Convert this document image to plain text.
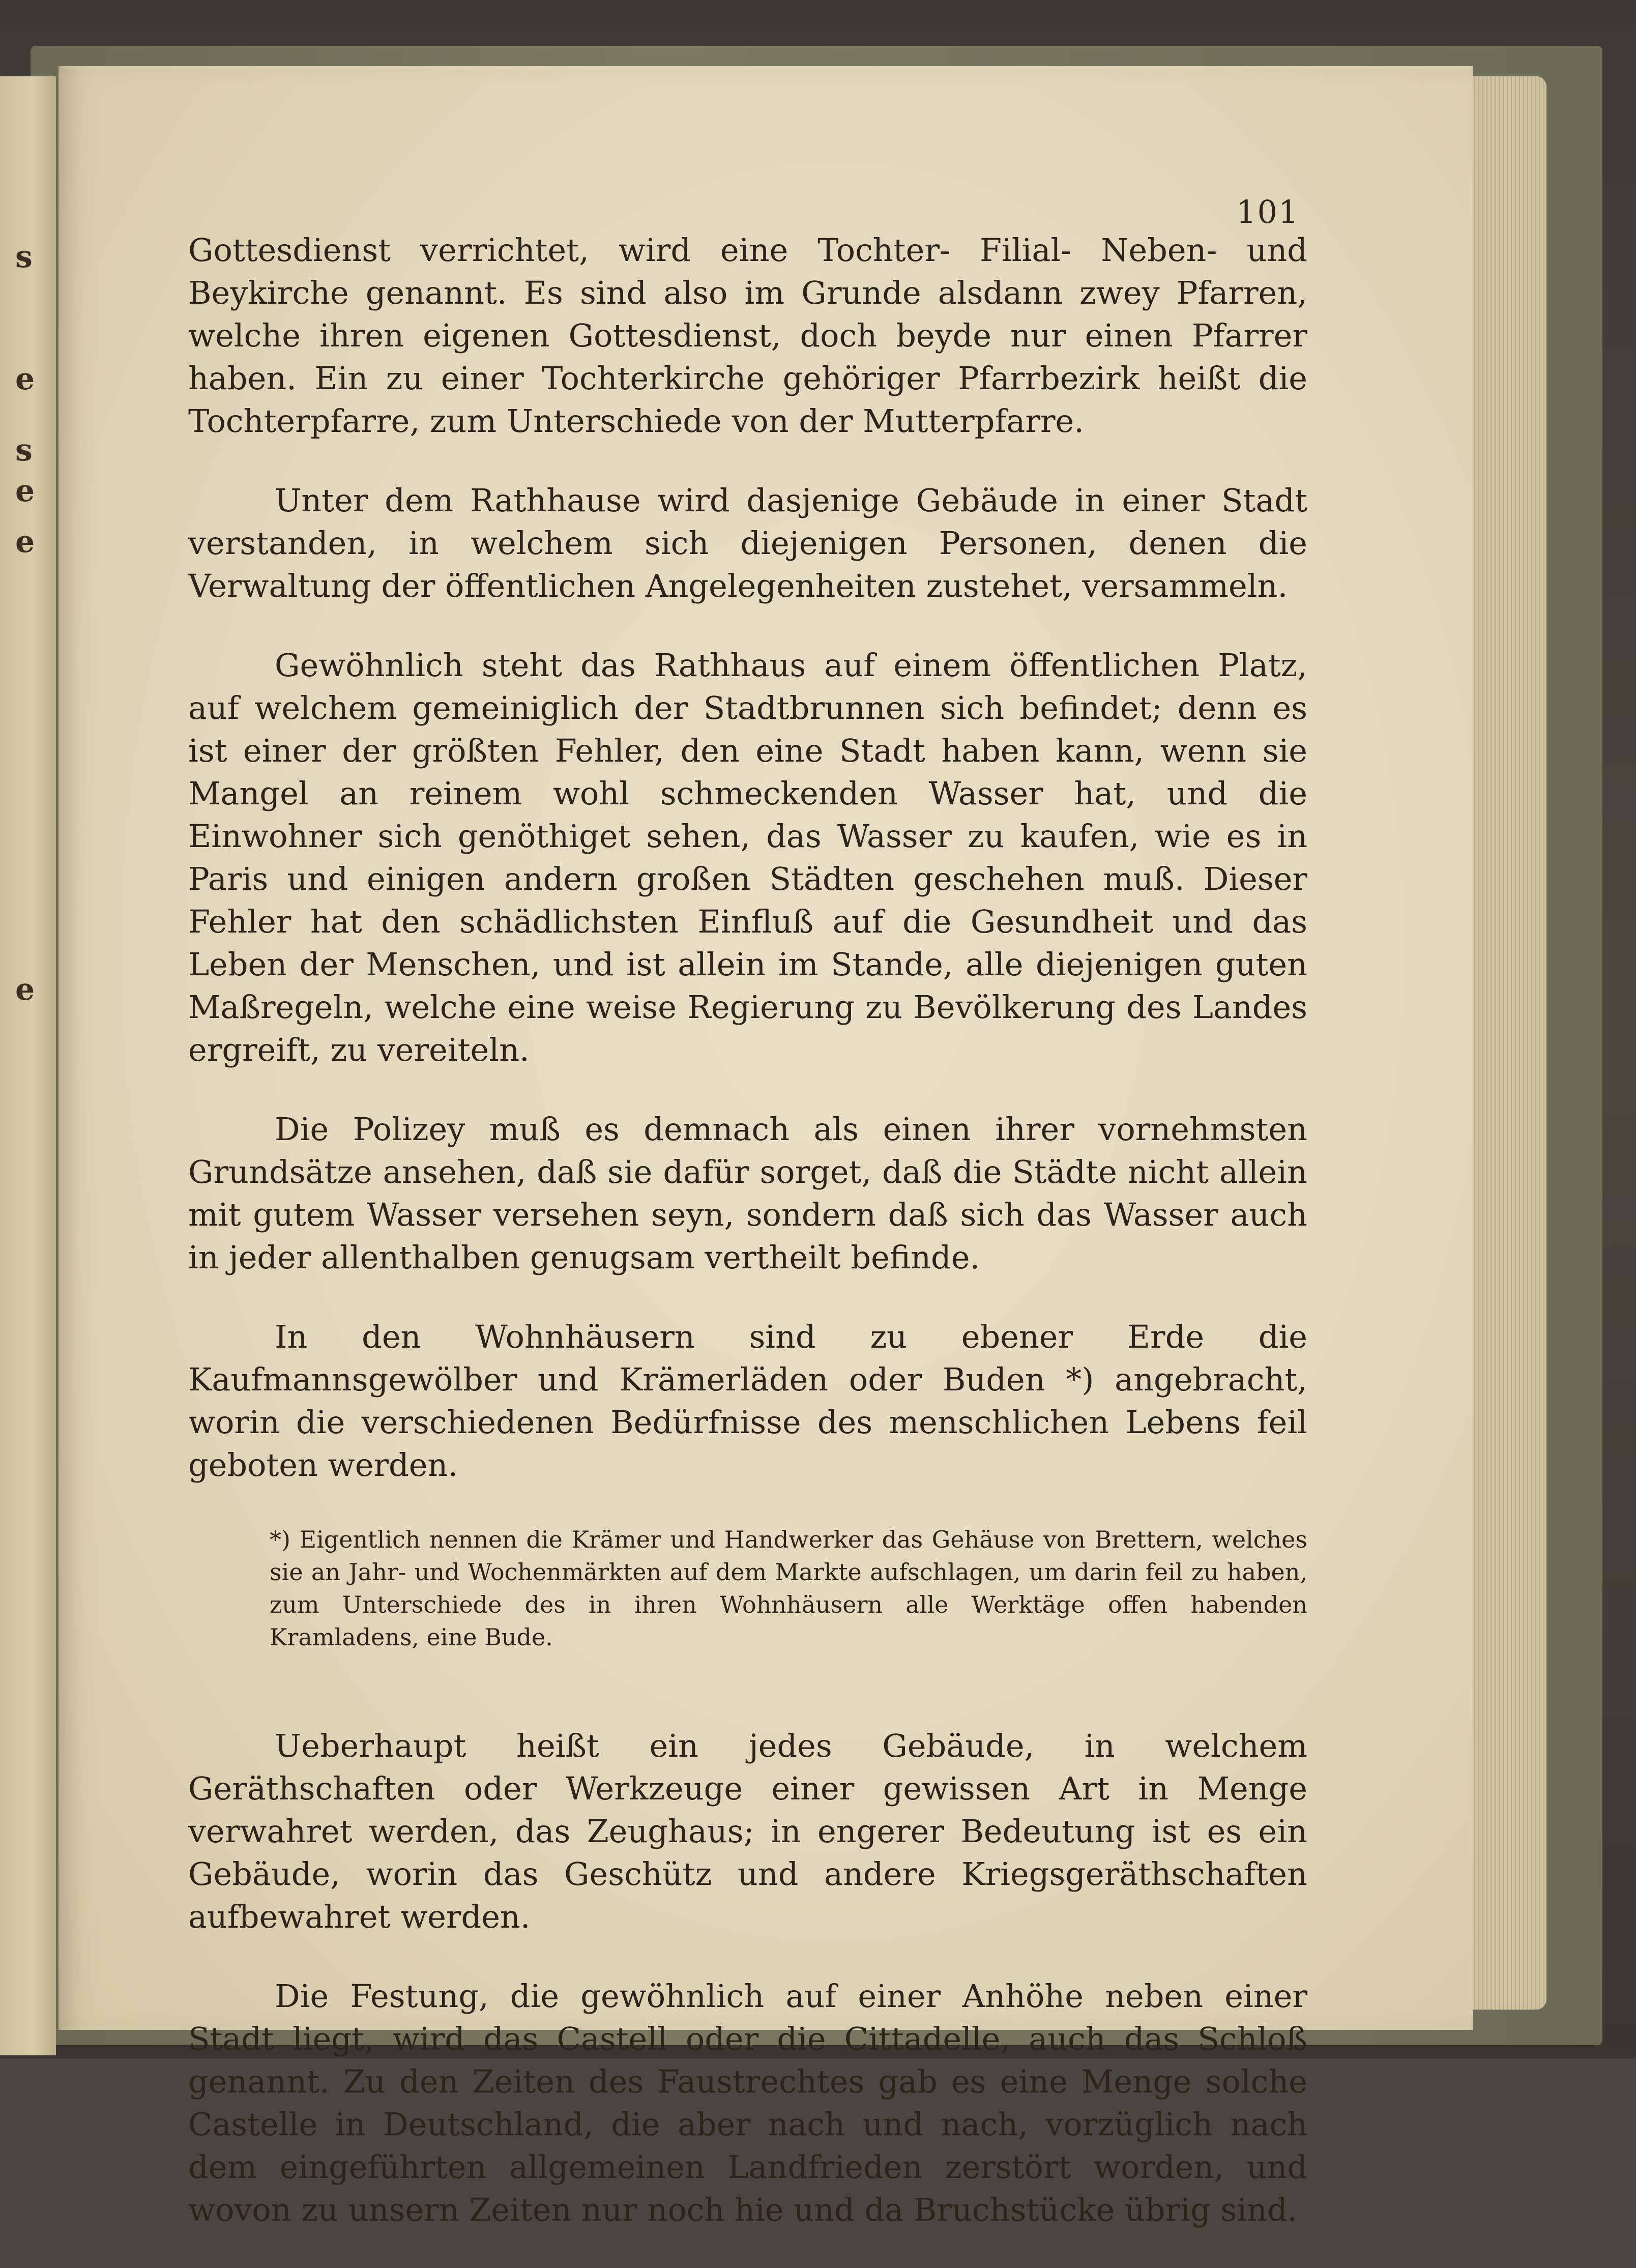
s
e
s
e
e
e
101

Gottesdienst verrichtet, wird eine Tochter- Filial- Neben- und Beykirche genannt. Es sind also im Grunde alsdann zwey Pfarren, welche ihren eigenen Gottesdienst, doch beyde nur einen Pfarrer haben. Ein zu einer Tochterkirche gehöriger Pfarrbezirk heißt die Tochterpfarre, zum Unterschiede von der Mutterpfarre.

Unter dem Rathhause wird dasjenige Gebäude in einer Stadt verstanden, in welchem sich diejenigen Personen, denen die Verwaltung der öffentlichen Angelegenheiten zustehet, versammeln.

Gewöhnlich steht das Rathhaus auf einem öffentlichen Platz, auf welchem gemeiniglich der Stadtbrunnen sich befindet; denn es ist einer der größten Fehler, den eine Stadt haben kann, wenn sie Mangel an reinem wohl schmeckenden Wasser hat, und die Einwohner sich genöthiget sehen, das Wasser zu kaufen, wie es in Paris und einigen andern großen Städten geschehen muß. Dieser Fehler hat den schädlichsten Einfluß auf die Gesundheit und das Leben der Menschen, und ist allein im Stande, alle diejenigen guten Maßregeln, welche eine weise Regierung zu Bevölkerung des Landes ergreift, zu vereiteln.

Die Polizey muß es demnach als einen ihrer vornehmsten Grundsätze ansehen, daß sie dafür sorget, daß die Städte nicht allein mit gutem Wasser versehen seyn, sondern daß sich das Wasser auch in jeder allenthalben genugsam vertheilt befinde.

In den Wohnhäusern sind zu ebener Erde die Kaufmannsgewölber und Krämerläden oder Buden *) angebracht, worin die verschiedenen Bedürfnisse des menschlichen Lebens feil geboten werden.

*) Eigentlich nennen die Krämer und Handwerker das Gehäuse von Brettern, welches sie an Jahr- und Wochenmärkten auf dem Markte aufschlagen, um darin feil zu haben, zum Unterschiede des in ihren Wohnhäusern alle Werktäge offen habenden Kramladens, eine Bude.

Ueberhaupt heißt ein jedes Gebäude, in welchem Geräthschaften oder Werkzeuge einer gewissen Art in Menge verwahret werden, das Zeughaus; in engerer Bedeutung ist es ein Gebäude, worin das Geschütz und andere Kriegsgeräthschaften aufbewahret werden.

Die Festung, die gewöhnlich auf einer Anhöhe neben einer Stadt liegt, wird das Castell oder die Cittadelle, auch das Schloß genannt. Zu den Zeiten des Faustrechtes gab es eine Menge solche Castelle in Deutschland, die aber nach und nach, vorzüglich nach dem eingeführten allgemeinen Landfrieden zerstört worden, und wovon zu unsern Zeiten nur noch hie und da Bruchstücke übrig sind.
